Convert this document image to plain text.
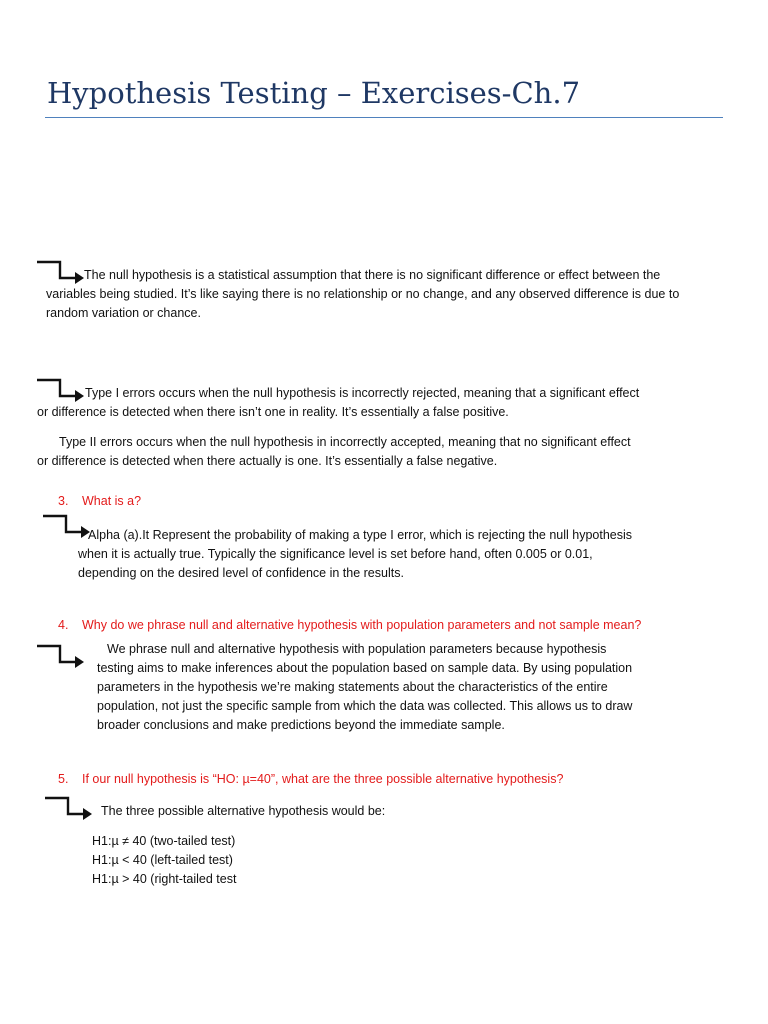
Hypothesis Testing – Exercises-Ch.7
The null hypothesis is a statistical assumption that there is no significant difference or effect between the
variables being studied. It’s like saying there is no relationship or no change, and any observed difference is due to
random variation or chance.
Type I errors occurs when the null hypothesis is incorrectly rejected, meaning that a significant effect
or difference is detected when there isn’t one in reality. It’s essentially a false positive.
Type II errors occurs when the null hypothesis in incorrectly accepted, meaning that no significant effect
or difference is detected when there actually is one. It’s essentially a false negative.
3. What is a?
Alpha (a).It Represent the probability of making a type I error, which is rejecting the null hypothesis
when it is actually true. Typically the significance level is set before hand, often 0.005 or 0.01,
depending on the desired level of confidence in the results.
4. Why do we phrase null and alternative hypothesis with population parameters and not sample mean?
We phrase null and alternative hypothesis with population parameters because hypothesis
testing aims to make inferences about the population based on sample data. By using population
parameters in the hypothesis we’re making statements about the characteristics of the entire
population, not just the specific sample from which the data was collected. This allows us to draw
broader conclusions and make predictions beyond the immediate sample.
5. If our null hypothesis is “HO: µ=40”, what are the three possible alternative hypothesis?
The three possible alternative hypothesis would be:
H1:µ ≠ 40 (two-tailed test)
H1:µ < 40 (left-tailed test)
H1:µ > 40 (right-tailed test
